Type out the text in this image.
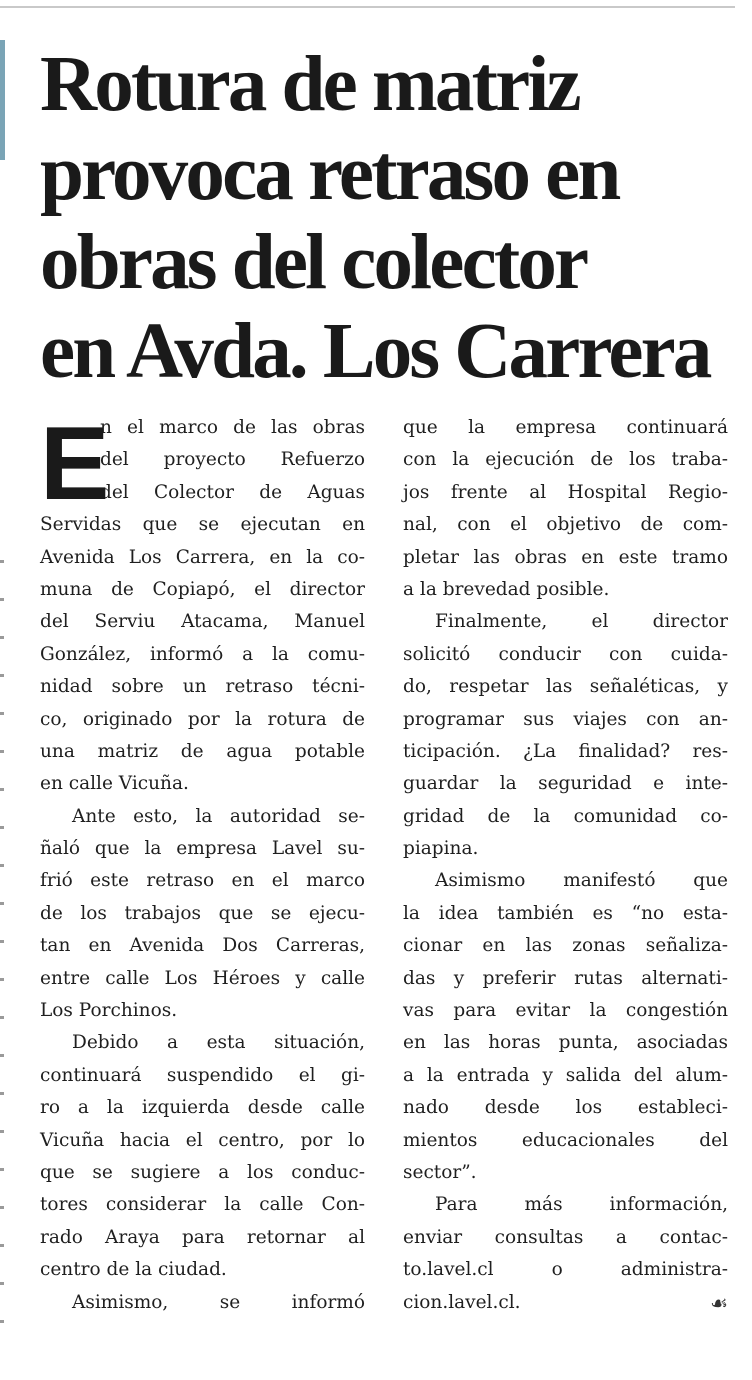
Rotura de matriz
provoca retraso en
obras del colector
en Avda. Los Carrera
E
n el marco de las obras
del proyecto Refuerzo
del Colector de Aguas
Servidas que se ejecutan en
Avenida Los Carrera, en la co-
muna de Copiapó, el director
del Serviu Atacama, Manuel
González, informó a la comu-
nidad sobre un retraso técni-
co, originado por la rotura de
una matriz de agua potable
en calle Vicuña.
Ante esto, la autoridad se-
ñaló que la empresa Lavel su-
frió este retraso en el marco
de los trabajos que se ejecu-
tan en Avenida Dos Carreras,
entre calle Los Héroes y calle
Los Porchinos.
Debido a esta situación,
continuará suspendido el gi-
ro a la izquierda desde calle
Vicuña hacia el centro, por lo
que se sugiere a los conduc-
tores considerar la calle Con-
rado Araya para retornar al
centro de la ciudad.
Asimismo, se informó
que la empresa continuará
con la ejecución de los traba-
jos frente al Hospital Regio-
nal, con el objetivo de com-
pletar las obras en este tramo
a la brevedad posible.
Finalmente, el director
solicitó conducir con cuida-
do, respetar las señaléticas, y
programar sus viajes con an-
ticipación. ¿La finalidad? res-
guardar la seguridad e inte-
gridad de la comunidad co-
piapina.
Asimismo manifestó que
la idea también es “no esta-
cionar en las zonas señaliza-
das y preferir rutas alternati-
vas para evitar la congestión
en las horas punta, asociadas
a la entrada y salida del alum-
nado desde los estableci-
mientos educacionales del
sector”.
Para más información,
enviar consultas a contac-
to.lavel.cl o administra-
cion.lavel.cl.	☙
